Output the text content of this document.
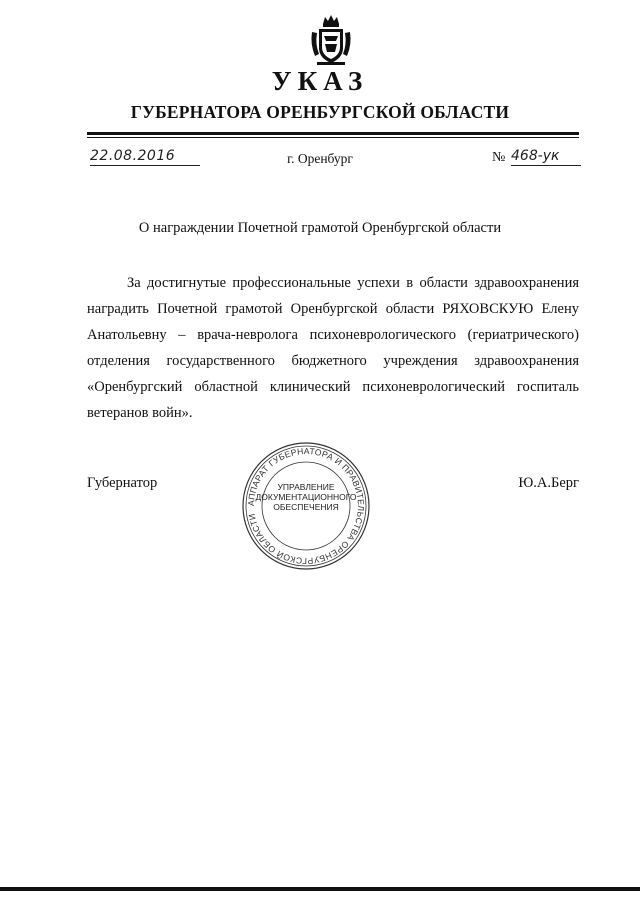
УКАЗ
ГУБЕРНАТОРА ОРЕНБУРГСКОЙ ОБЛАСТИ
22.08.2016	г. Оренбург	№ 468-ук
О награждении Почетной грамотой Оренбургской области

За достигнутые профессиональные успехи в области здравоохранения наградить Почетной грамотой Оренбургской области РЯХОВСКУЮ Елену Анатольевну – врача-невролога психоневрологического (гериатрического) отделения государственного бюджетного учреждения здравоохранения «Оренбургский областной клинический психоневрологический госпиталь ветеранов войн».

Губернатор	Ю.А.Берг
АППАРАТ ГУБЕРНАТОРА И ПРАВИТЕЛЬСТВА ОРЕНБУРГСКОЙ ОБЛАСТИ
УПРАВЛЕНИЕ
ДОКУМЕНТАЦИОННОГО
ОБЕСПЕЧЕНИЯ
